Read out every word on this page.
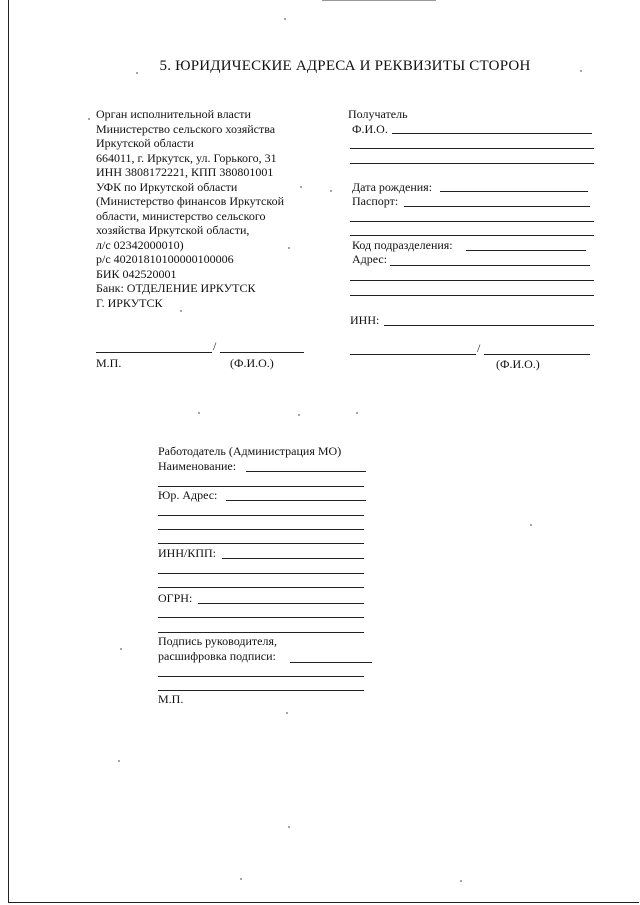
5. ЮРИДИЧЕСКИЕ АДРЕСА И РЕКВИЗИТЫ СТОРОН
Орган исполнительной власти
Министерство сельского хозяйства
Иркутской области
664011, г. Иркутск, ул. Горького, 31
ИНН 3808172221, КПП 380801001
УФК по Иркутской области
(Министерство финансов Иркутской
области, министерство сельского
хозяйства Иркутской области,
л/с 02342000010)
р/с 40201810100000100006
БИК 042520001
Банк: ОТДЕЛЕНИЕ ИРКУТСК
Г. ИРКУТСК
/
М.П.	(Ф.И.О.)
Получатель
Ф.И.О.
Дата рождения:
Паспорт:
Код подразделения:
Адрес:
ИНН:
/
(Ф.И.О.)
Работодатель (Администрация МО)
Наименование:
Юр. Адрес:
ИНН/КПП:
ОГРН:
Подпись руководителя,
расшифровка подписи:
М.П.
